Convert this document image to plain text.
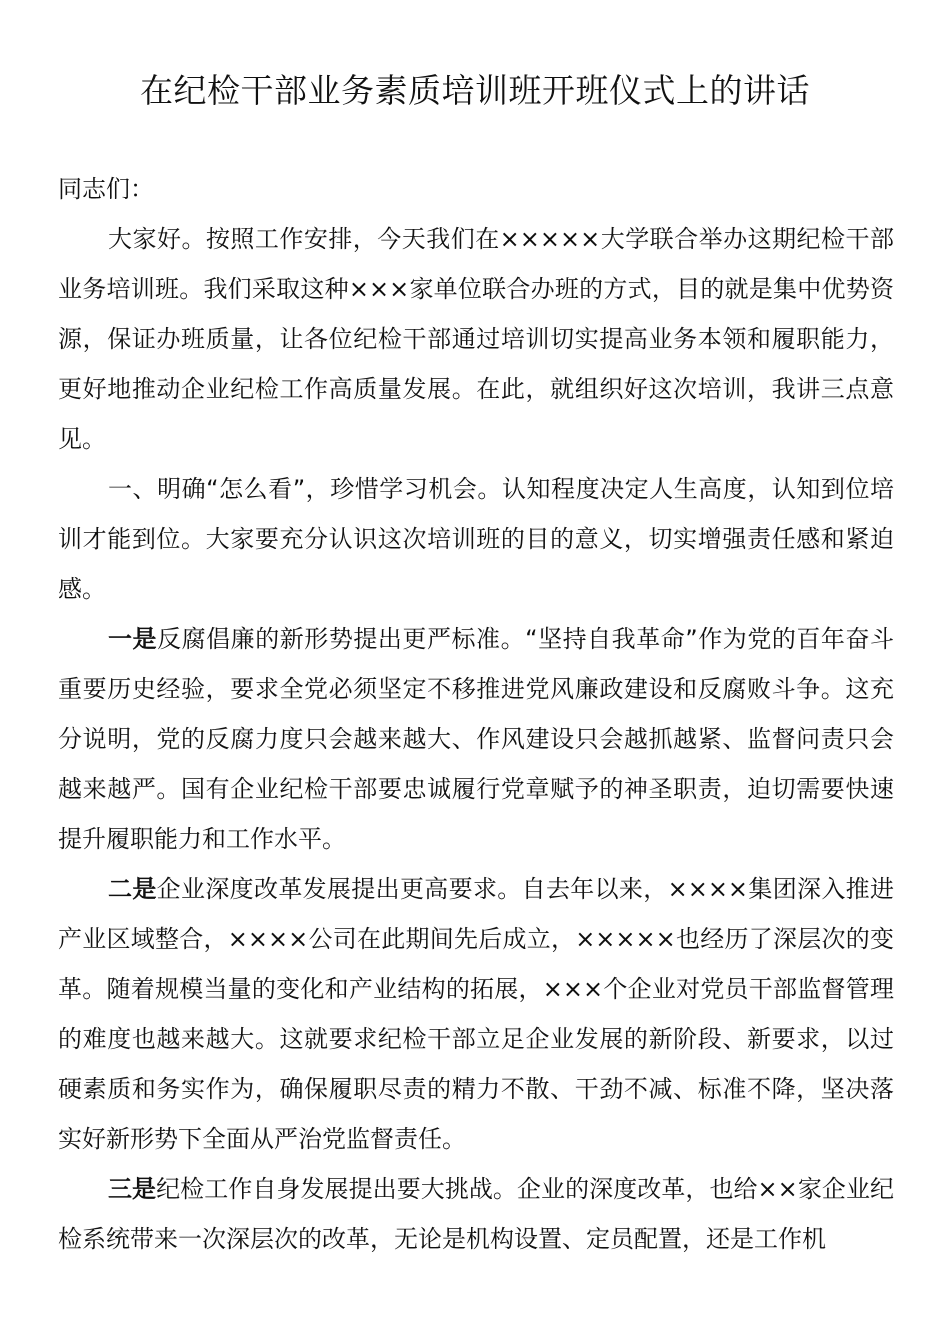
在纪检干部业务素质培训班开班仪式上的讲话

同志们：

大家好。按照工作安排，今天我们在×××××大学联合举办这期纪检干部业务培训班。我们采取这种×××家单位联合办班的方式，目的就是集中优势资源，保证办班质量，让各位纪检干部通过培训切实提高业务本领和履职能力，更好地推动企业纪检工作高质量发展。在此，就组织好这次培训，我讲三点意见。

一、明确“怎么看”，珍惜学习机会。认知程度决定人生高度，认知到位培训才能到位。大家要充分认识这次培训班的目的意义，切实增强责任感和紧迫感。

一是反腐倡廉的新形势提出更严标准。“坚持自我革命”作为党的百年奋斗重要历史经验，要求全党必须坚定不移推进党风廉政建设和反腐败斗争。这充分说明，党的反腐力度只会越来越大、作风建设只会越抓越紧、监督问责只会越来越严。国有企业纪检干部要忠诚履行党章赋予的神圣职责，迫切需要快速提升履职能力和工作水平。

二是企业深度改革发展提出更高要求。自去年以来，××××集团深入推进产业区域整合，××××公司在此期间先后成立，×××××也经历了深层次的变革。随着规模当量的变化和产业结构的拓展，×××个企业对党员干部监督管理的难度也越来越大。这就要求纪检干部立足企业发展的新阶段、新要求，以过硬素质和务实作为，确保履职尽责的精力不散、干劲不减、标准不降，坚决落实好新形势下全面从严治党监督责任。

三是纪检工作自身发展提出要大挑战。企业的深度改革，也给××家企业纪检系统带来一次深层次的改革，无论是机构设置、定员配置，还是工作机
